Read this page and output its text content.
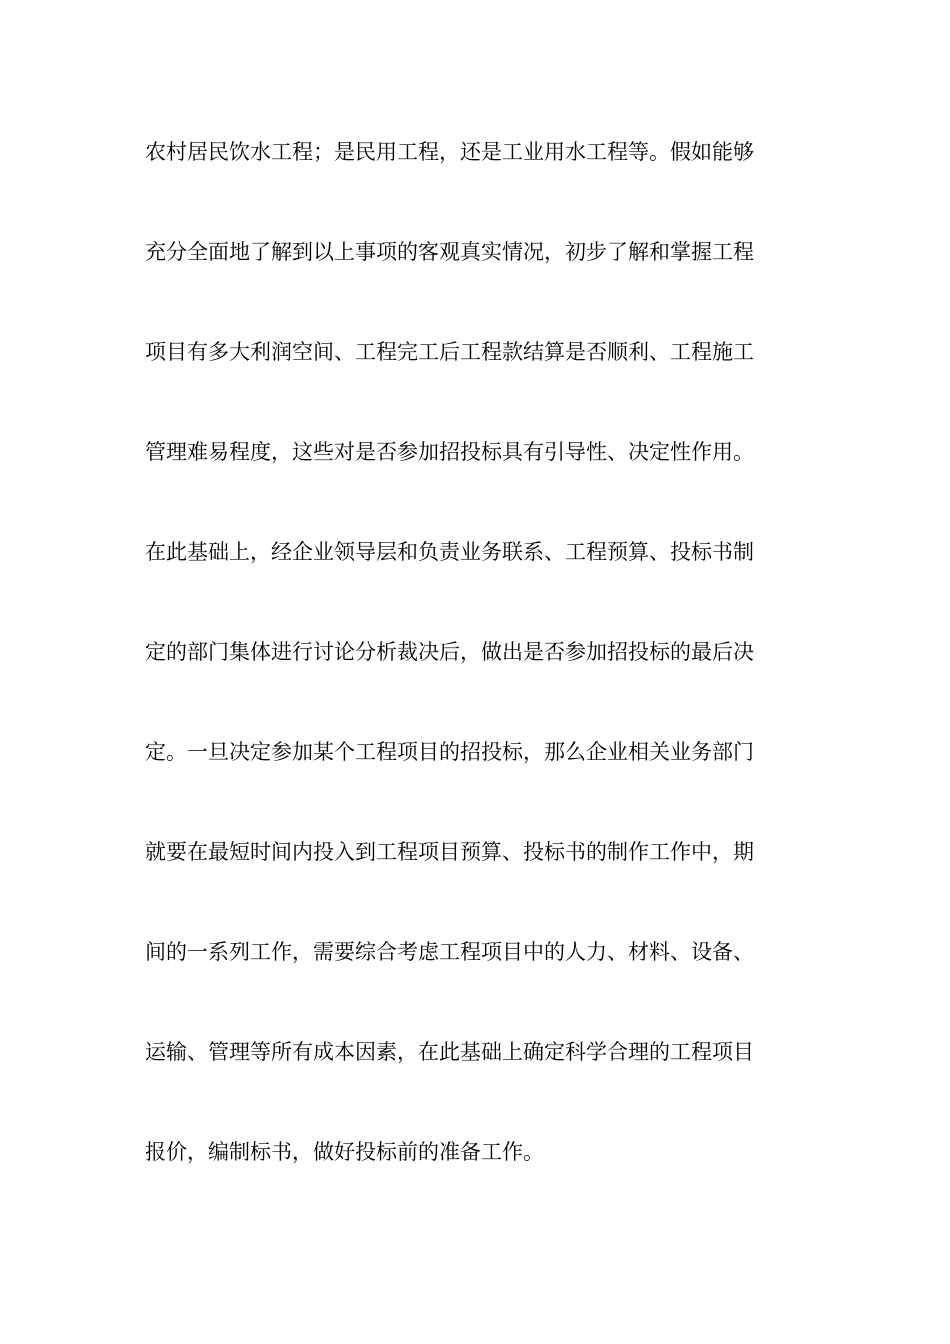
农村居民饮水工程；是民用工程，还是工业用水工程等。假如能够
充分全面地了解到以上事项的客观真实情况，初步了解和掌握工程
项目有多大利润空间、工程完工后工程款结算是否顺利、工程施工
管理难易程度，这些对是否参加招投标具有引导性、决定性作用。
在此基础上，经企业领导层和负责业务联系、工程预算、投标书制
定的部门集体进行讨论分析裁决后，做出是否参加招投标的最后决
定。一旦决定参加某个工程项目的招投标，那么企业相关业务部门
就要在最短时间内投入到工程项目预算、投标书的制作工作中，期
间的一系列工作，需要综合考虑工程项目中的人力、材料、设备、
运输、管理等所有成本因素，在此基础上确定科学合理的工程项目
报价，编制标书，做好投标前的准备工作。
